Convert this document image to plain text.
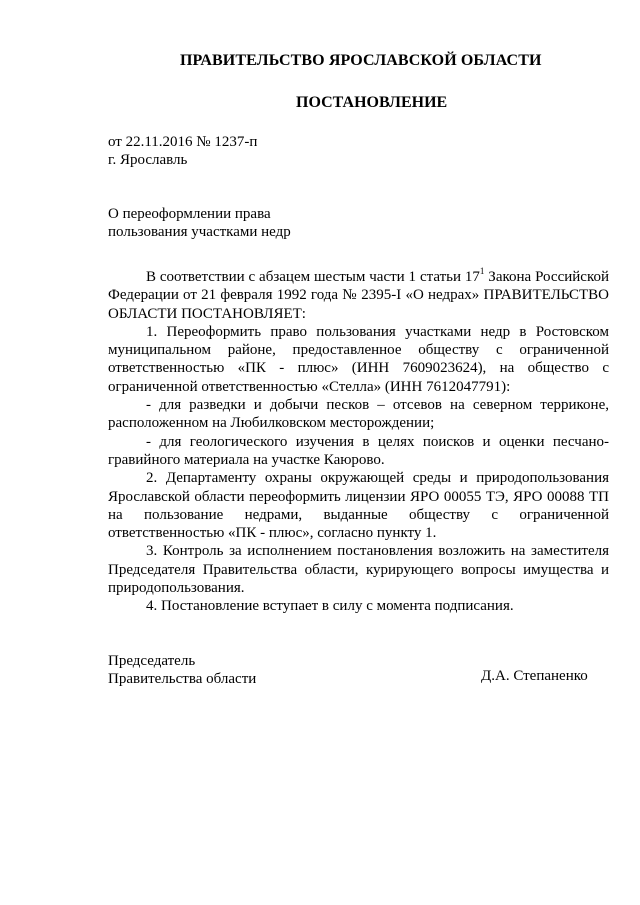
ПРАВИТЕЛЬСТВО ЯРОСЛАВСКОЙ ОБЛАСТИ
ПОСТАНОВЛЕНИЕ
от 22.11.2016 № 1237-п
г. Ярославль
О переоформлении права
пользования участками недр

В соответствии с абзацем шестым части 1 статьи $17^1$ Закона Российской Федерации от 21 февраля 1992 года № 2395-I «О недрах» ПРАВИТЕЛЬСТВО ОБЛАСТИ ПОСТАНОВЛЯЕТ:

1. Переоформить право пользования участками недр в Ростовском муниципальном районе, предоставленное обществу с ограниченной ответственностью «ПК - плюс» (ИНН 7609023624), на общество с ограниченной ответственностью «Стелла» (ИНН 7612047791):

- для разведки и добычи песков – отсевов на северном терриконе, расположенном на Любилковском месторождении;

- для геологического изучения в целях поисков и оценки песчано-гравийного материала на участке Каюрово.

2. Департаменту охраны окружающей среды и природопользования Ярославской области переоформить лицензии ЯРО 00055 ТЭ, ЯРО 00088 ТП на пользование недрами, выданные обществу с ограниченной ответственностью «ПК - плюс», согласно пункту 1.

3. Контроль за исполнением постановления возложить на заместителя Председателя Правительства области, курирующего вопросы имущества и природопользования.

4. Постановление вступает в силу с момента подписания.

Председатель
Правительства области	Д.А. Степаненко
